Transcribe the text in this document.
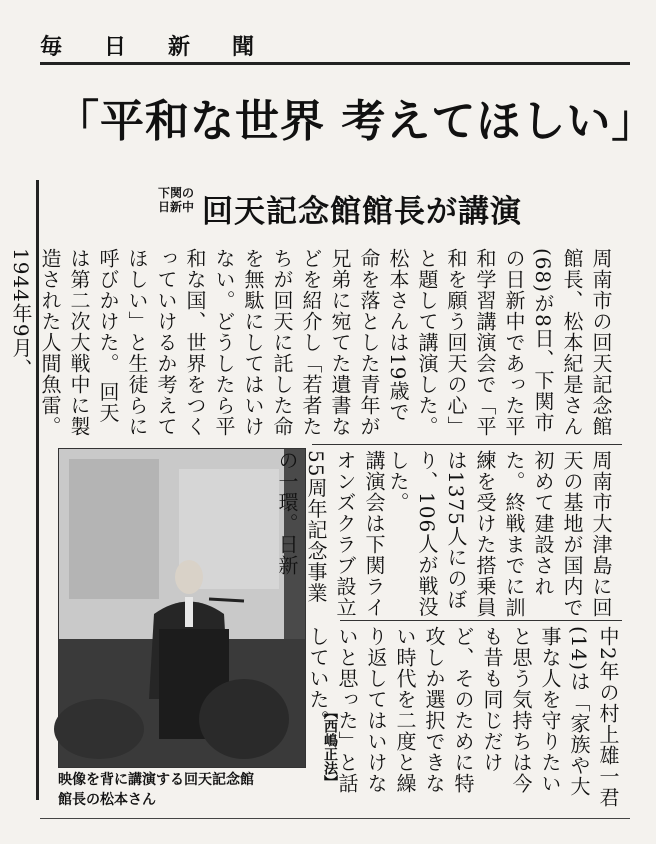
毎日新聞
「平和な世界 考えてほしい」
下関の
日新中 回天記念館館長が講演
周南市の回天記念館館長、松本紀是さん(68)が8日、下関市の日新中であった平和学習講演会で「平和を願う回天の心」と題して講演した。松本さんは19歳で命を落とした青年が兄弟に宛てた遺書などを紹介し「若者たちが回天に託した命を無駄にしてはいけない。どうしたら平和な国、世界をつくっていけるか考えてほしい」と生徒らに呼びかけた。 回天は第二次大戦中に製造された人間魚雷。1944年9月、
映像を背に講演する回天記念館
館長の松本さん
周南市大津島に回天の基地が国内で初めて建設された。終戦までに訓練を受けた搭乗員は1375人にのぼり、106人が戦没した。
講演会は下関ライオンズクラブ設立55周年記念事業の一環。日新
中2年の村上雄一君(14)は「家族や大事な人を守りたいと思う気持ちは今も昔も同じだけど、そのために特攻しか選択できない時代を二度と繰り返してはいけないと思った」と話していた。
【西嶋正法】
